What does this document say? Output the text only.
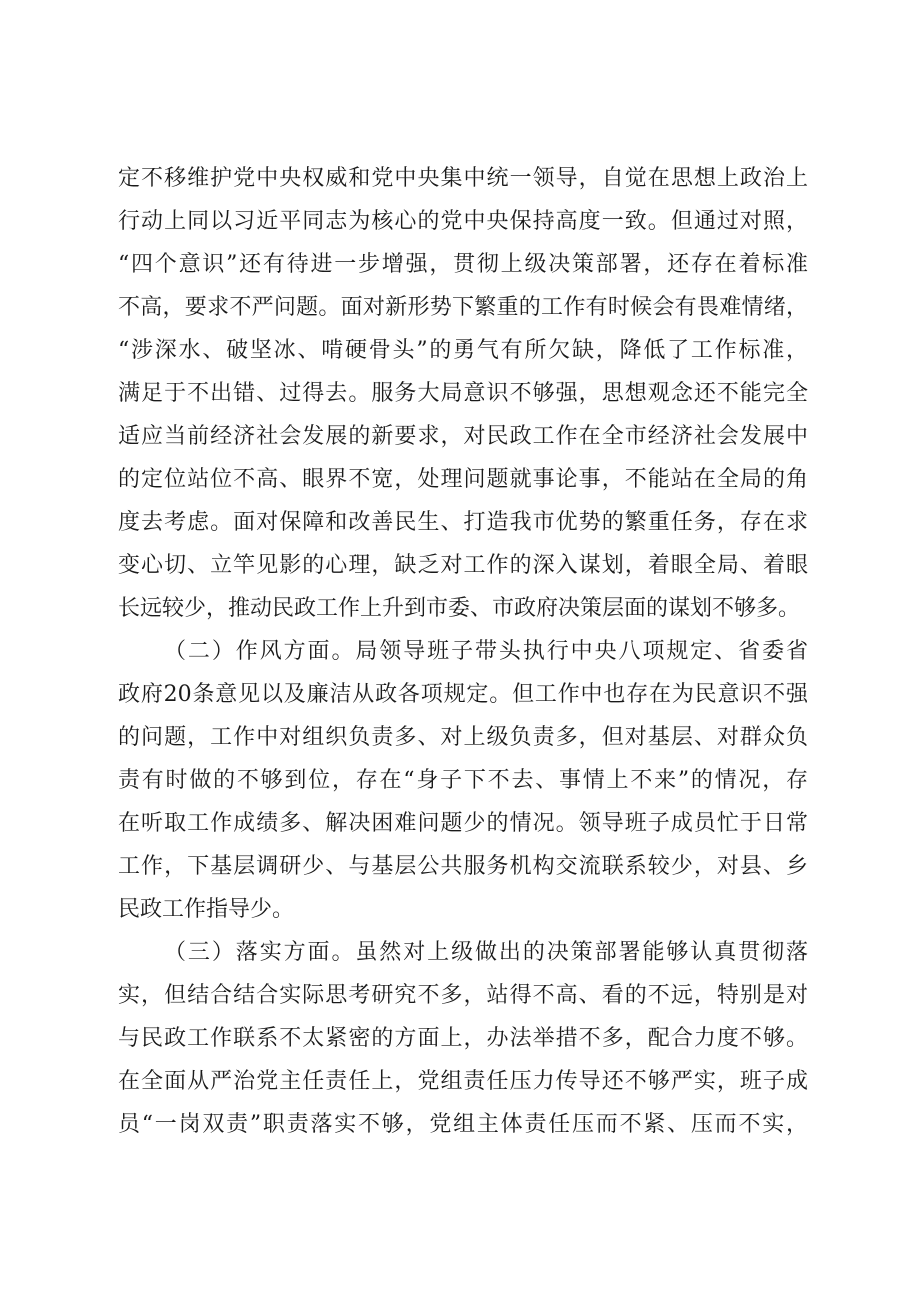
定不移维护党中央权威和党中央集中统一领导，自觉在思想上政治上
行动上同以习近平同志为核心的党中央保持高度一致。但通过对照，
“四个意识”还有待进一步增强，贯彻上级决策部署，还存在着标准
不高，要求不严问题。面对新形势下繁重的工作有时候会有畏难情绪，
“涉深水、破坚冰、啃硬骨头”的勇气有所欠缺，降低了工作标准，
满足于不出错、过得去。服务大局意识不够强，思想观念还不能完全
适应当前经济社会发展的新要求，对民政工作在全市经济社会发展中
的定位站位不高、眼界不宽，处理问题就事论事，不能站在全局的角
度去考虑。面对保障和改善民生、打造我市优势的繁重任务，存在求
变心切、立竿见影的心理，缺乏对工作的深入谋划，着眼全局、着眼
长远较少，推动民政工作上升到市委、市政府决策层面的谋划不够多。
（二）作风方面。局领导班子带头执行中央八项规定、省委省
政府20条意见以及廉洁从政各项规定。但工作中也存在为民意识不强
的问题，工作中对组织负责多、对上级负责多，但对基层、对群众负
责有时做的不够到位，存在“身子下不去、事情上不来”的情况，存
在听取工作成绩多、解决困难问题少的情况。领导班子成员忙于日常
工作，下基层调研少、与基层公共服务机构交流联系较少，对县、乡
民政工作指导少。
（三）落实方面。虽然对上级做出的决策部署能够认真贯彻落
实，但结合结合实际思考研究不多，站得不高、看的不远，特别是对
与民政工作联系不太紧密的方面上，办法举措不多，配合力度不够。
在全面从严治党主任责任上，党组责任压力传导还不够严实，班子成
员“一岗双责”职责落实不够，党组主体责任压而不紧、压而不实，
